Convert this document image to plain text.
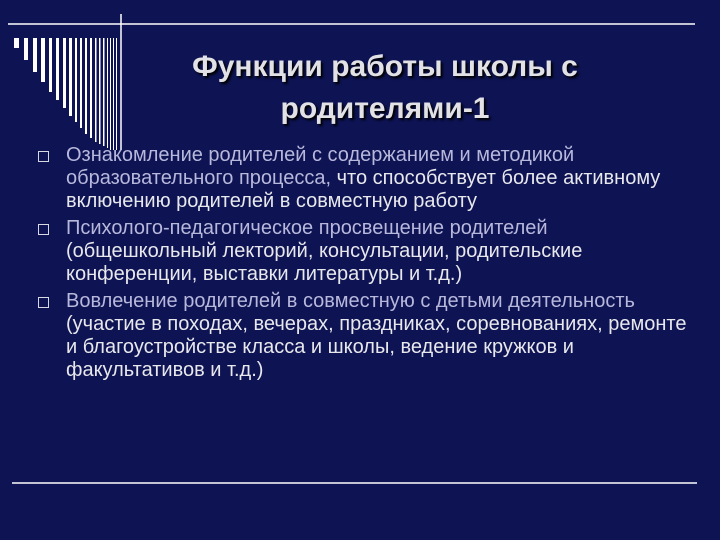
Функции работы школы с
родителями-1
Ознакомление родителей с содержанием и методикой образовательного процесса, что способствует более активному включению родителей в совместную работу
Психолого-педагогическое просвещение родителей (общешкольный лекторий, консультации, родительские конференции, выставки литературы и т.д.)
Вовлечение родителей в совместную с детьми деятельность (участие в походах, вечерах, праздниках, соревнованиях, ремонте и благоустройстве класса и школы, ведение кружков и факультативов и т.д.)
